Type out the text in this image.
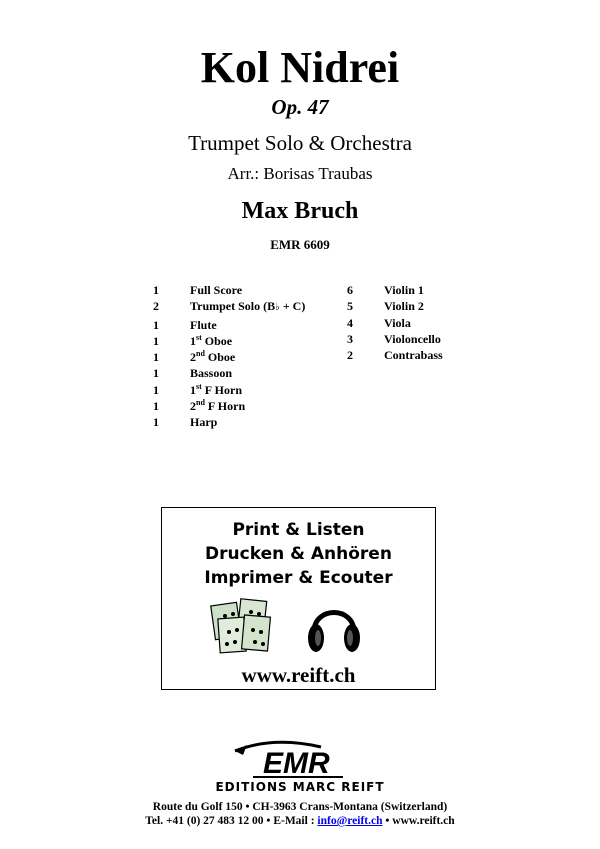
Kol Nidrei
Op. 47
Trumpet Solo & Orchestra
Arr.: Borisas Traubas
Max Bruch
EMR 6609
1	Full Score
2	Trumpet Solo (B♭ + C)
1	Flute
1	1st Oboe
1	2nd Oboe
1	Bassoon
1	1st F Horn
1	2nd F Horn
1	Harp
6	Violin 1
5	Violin 2
4	Viola
3	Violoncello
2	Contrabass
Print & Listen
Drucken & Anhören
Imprimer & Ecouter
www.reift.ch
EMR
EDITIONS MARC REIFT
Route du Golf 150 • CH-3963 Crans-Montana (Switzerland)
Tel. +41 (0) 27 483 12 00 • E-Mail : info@reift.ch • www.reift.ch
